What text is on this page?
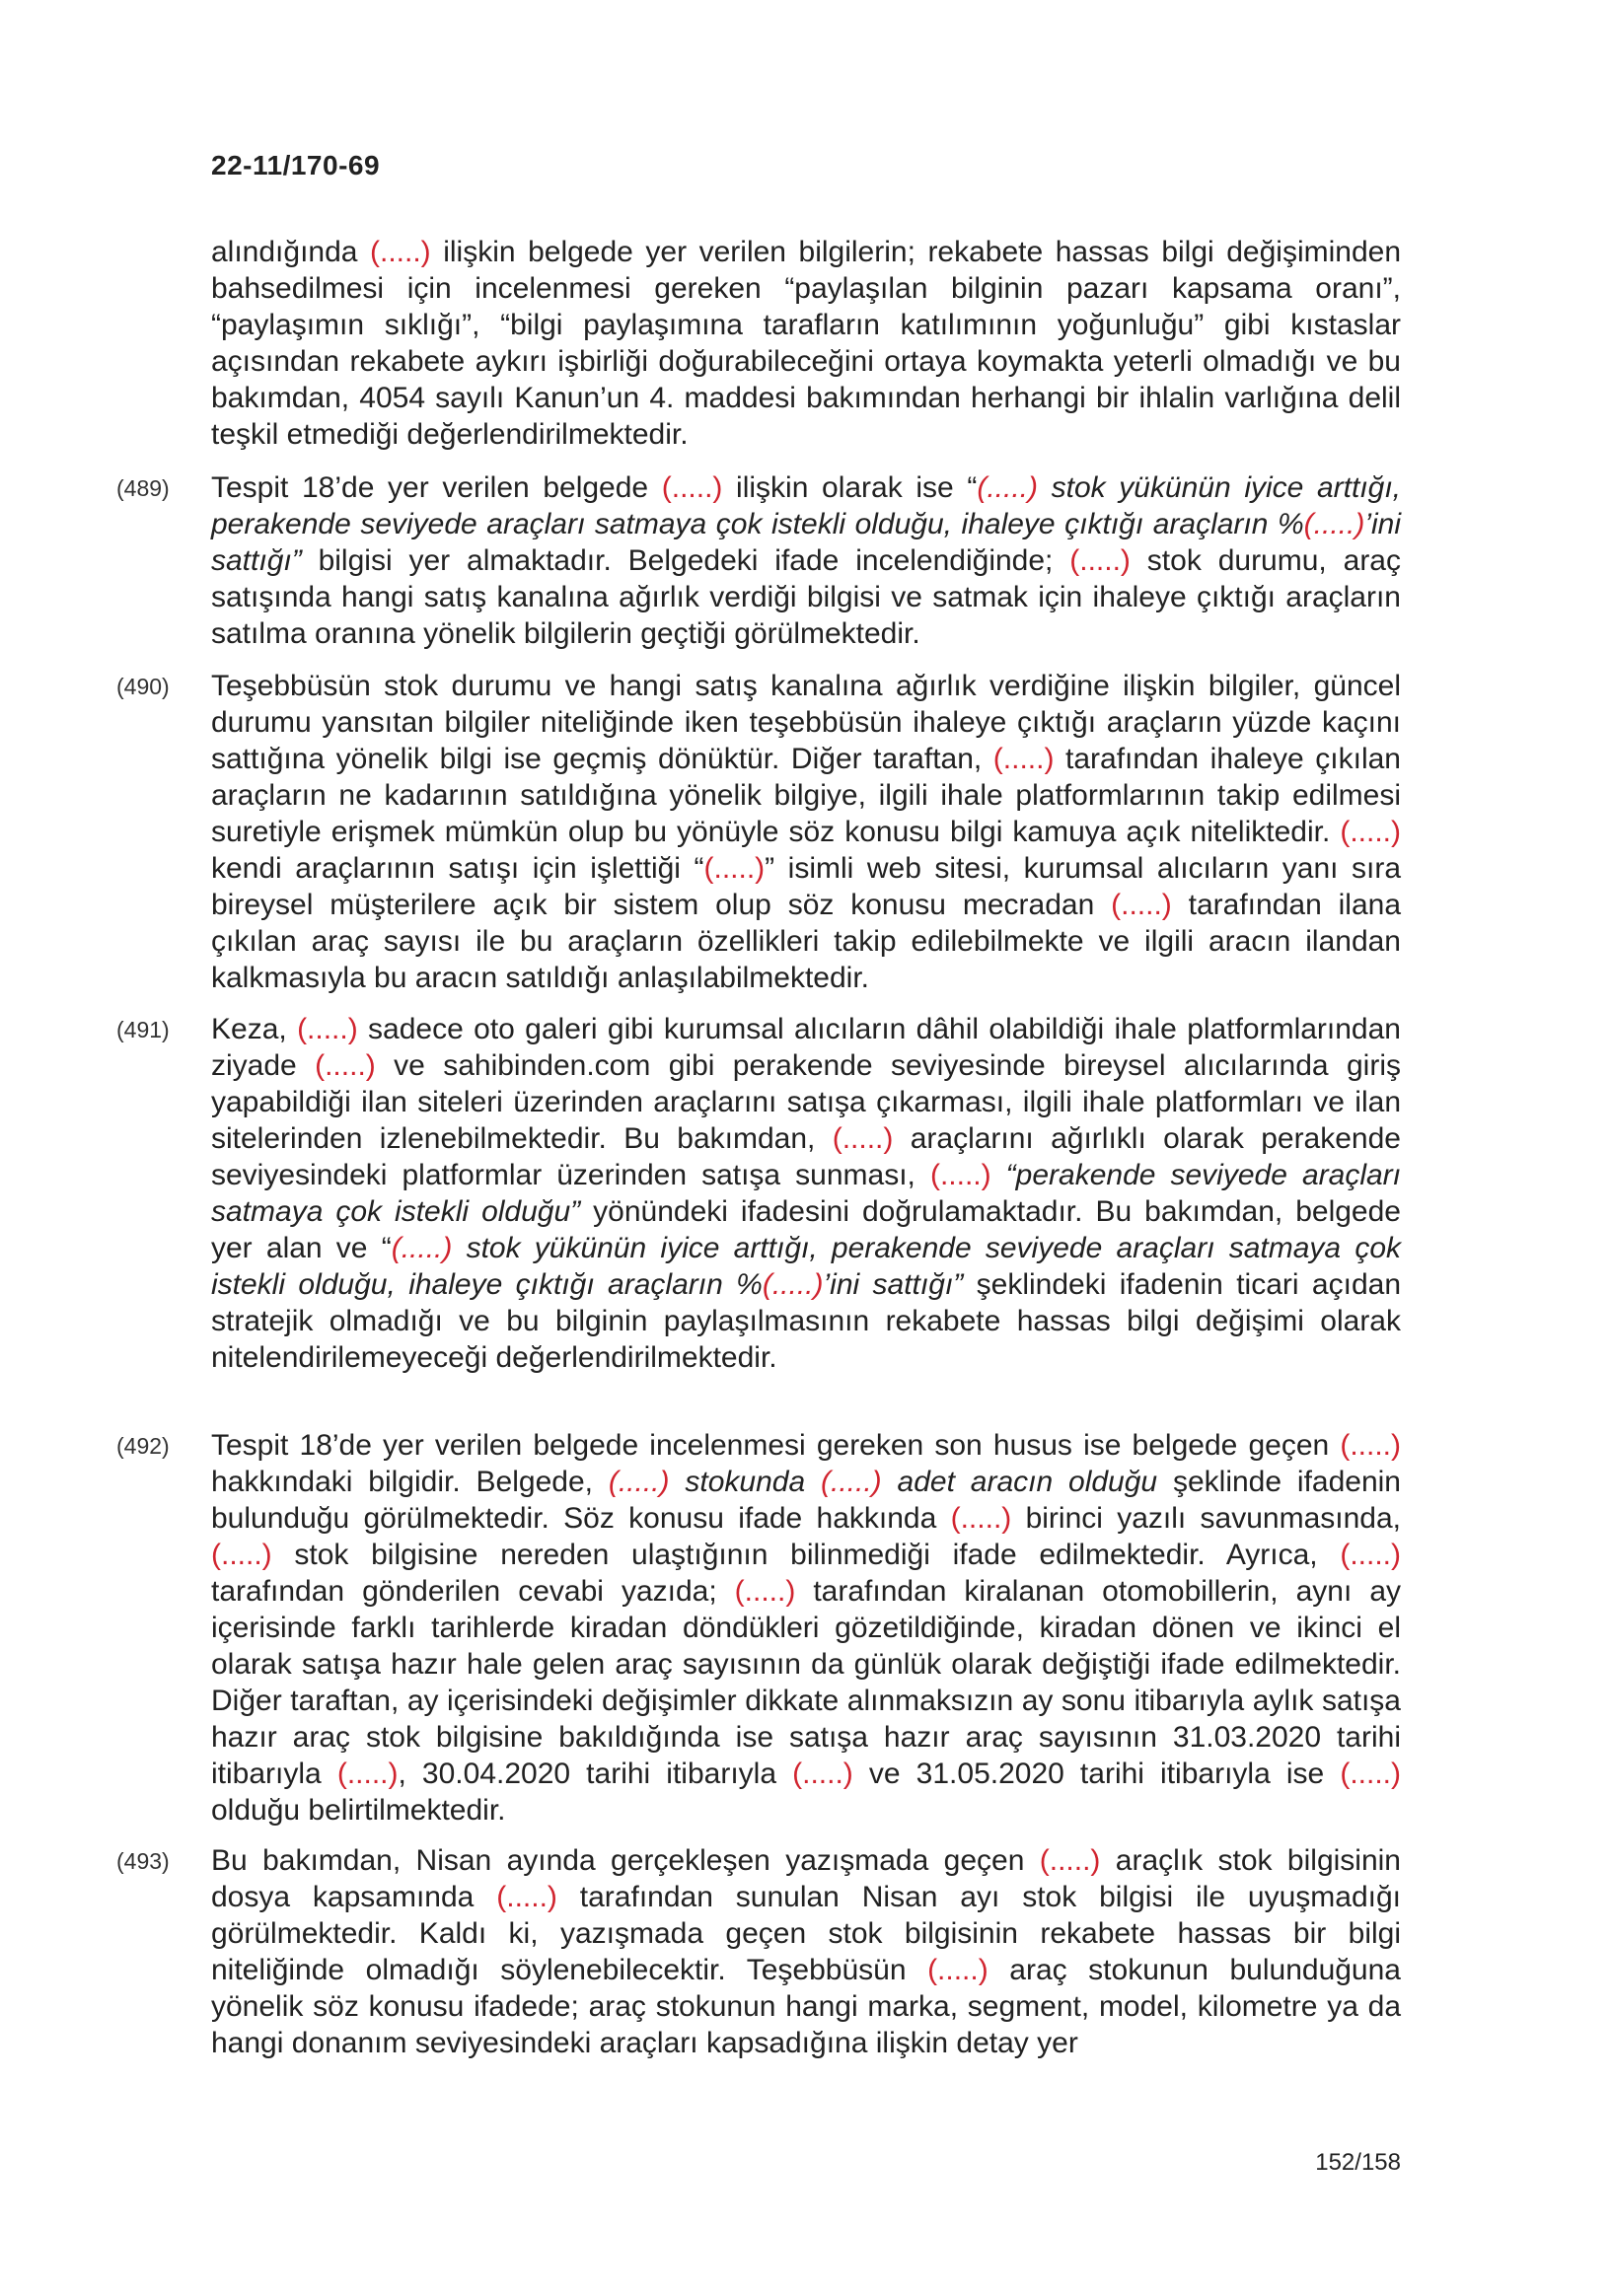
22-11/170-69
alındığında (.....) ilişkin belgede yer verilen bilgilerin; rekabete hassas bilgi değişiminden bahsedilmesi için incelenmesi gereken “paylaşılan bilginin pazarı kapsama oranı”, “paylaşımın sıklığı”, “bilgi paylaşımına tarafların katılımının yoğunluğu” gibi kıstaslar açısından rekabete aykırı işbirliği doğurabileceğini ortaya koymakta yeterli olmadığı ve bu bakımdan, 4054 sayılı Kanun’un 4. maddesi bakımından herhangi bir ihlalin varlığına delil teşkil etmediği değerlendirilmektedir.
(489) Tespit 18’de yer verilen belgede (.....) ilişkin olarak ise “(.....) stok yükünün iyice arttığı, perakende seviyede araçları satmaya çok istekli olduğu, ihaleye çıktığı araçların %(.....)’ini sattığı” bilgisi yer almaktadır. Belgedeki ifade incelendiğinde; (.....) stok durumu, araç satışında hangi satış kanalına ağırlık verdiği bilgisi ve satmak için ihaleye çıktığı araçların satılma oranına yönelik bilgilerin geçtiği görülmektedir.
(490) Teşebbüsün stok durumu ve hangi satış kanalına ağırlık verdiğine ilişkin bilgiler, güncel durumu yansıtan bilgiler niteliğinde iken teşebbüsün ihaleye çıktığı araçların yüzde kaçını sattığına yönelik bilgi ise geçmiş dönüktür. Diğer taraftan, (.....) tarafından ihaleye çıkılan araçların ne kadarının satıldığına yönelik bilgiye, ilgili ihale platformlarının takip edilmesi suretiyle erişmek mümkün olup bu yönüyle söz konusu bilgi kamuya açık niteliktedir. (.....) kendi araçlarının satışı için işlettiği “(.....)” isimli web sitesi, kurumsal alıcıların yanı sıra bireysel müşterilere açık bir sistem olup söz konusu mecradan (.....) tarafından ilana çıkılan araç sayısı ile bu araçların özellikleri takip edilebilmekte ve ilgili aracın ilandan kalkmasıyla bu aracın satıldığı anlaşılabilmektedir.
(491) Keza, (.....) sadece oto galeri gibi kurumsal alıcıların dâhil olabildiği ihale platformlarından ziyade (.....) ve sahibinden.com gibi perakende seviyesinde bireysel alıcılarında giriş yapabildiği ilan siteleri üzerinden araçlarını satışa çıkarması, ilgili ihale platformları ve ilan sitelerinden izlenebilmektedir. Bu bakımdan, (.....) araçlarını ağırlıklı olarak perakende seviyesindeki platformlar üzerinden satışa sunması, (.....) “perakende seviyede araçları satmaya çok istekli olduğu” yönündeki ifadesini doğrulamaktadır. Bu bakımdan, belgede yer alan ve “(.....) stok yükünün iyice arttığı, perakende seviyede araçları satmaya çok istekli olduğu, ihaleye çıktığı araçların %(.....)’ini sattığı” şeklindeki ifadenin ticari açıdan stratejik olmadığı ve bu bilginin paylaşılmasının rekabete hassas bilgi değişimi olarak nitelendirilemeyeceği değerlendirilmektedir.
(492) Tespit 18’de yer verilen belgede incelenmesi gereken son husus ise belgede geçen (.....) hakkındaki bilgidir. Belgede, (.....) stokunda (.....) adet aracın olduğu şeklinde ifadenin bulunduğu görülmektedir. Söz konusu ifade hakkında (.....) birinci yazılı savunmasında, (.....) stok bilgisine nereden ulaştığının bilinmediği ifade edilmektedir. Ayrıca, (.....) tarafından gönderilen cevabi yazıda; (.....) tarafından kiralanan otomobillerin, aynı ay içerisinde farklı tarihlerde kiradan döndükleri gözetildiğinde, kiradan dönen ve ikinci el olarak satışa hazır hale gelen araç sayısının da günlük olarak değiştiği ifade edilmektedir. Diğer taraftan, ay içerisindeki değişimler dikkate alınmaksızın ay sonu itibarıyla aylık satışa hazır araç stok bilgisine bakıldığında ise satışa hazır araç sayısının 31.03.2020 tarihi itibarıyla (.....), 30.04.2020 tarihi itibarıyla (.....) ve 31.05.2020 tarihi itibarıyla ise (.....) olduğu belirtilmektedir.
(493) Bu bakımdan, Nisan ayında gerçekleşen yazışmada geçen (.....) araçlık stok bilgisinin dosya kapsamında (.....) tarafından sunulan Nisan ayı stok bilgisi ile uyuşmadığı görülmektedir. Kaldı ki, yazışmada geçen stok bilgisinin rekabete hassas bir bilgi niteliğinde olmadığı söylenebilecektir. Teşebbüsün (.....) araç stokunun bulunduğuna yönelik söz konusu ifadede; araç stokunun hangi marka, segment, model, kilometre ya da hangi donanım seviyesindeki araçları kapsadığına ilişkin detay yer
152/158
